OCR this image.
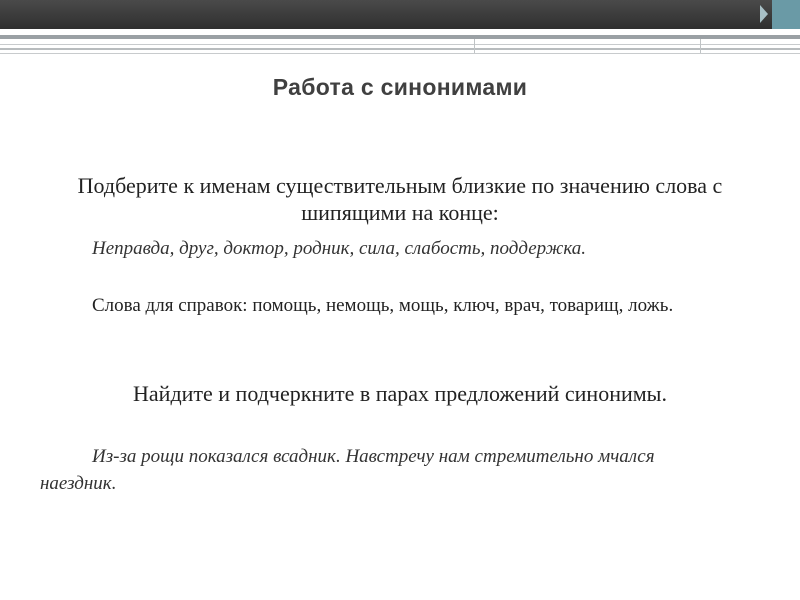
Работа с синонимами
Подберите к именам существительным близкие по значению слова с шипящими на конце:
Неправда, друг, доктор, родник, сила, слабость, поддержка.
Слова для справок: помощь, немощь, мощь, ключ, врач, товарищ, ложь.
Найдите и подчеркните в парах предложений синонимы.
Из-за рощи показался всадник. Навстречу нам стремительно мчался наездник.
